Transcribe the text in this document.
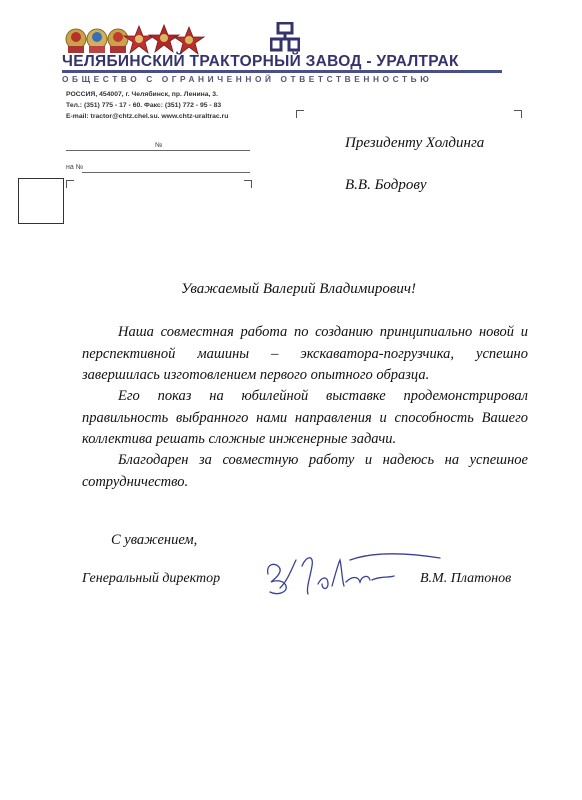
ЧЕЛЯБИНСКИЙ ТРАКТОРНЫЙ ЗАВОД - УРАЛТРАК
ОБЩЕСТВО С ОГРАНИЧЕННОЙ ОТВЕТСТВЕННОСТЬЮ
РОССИЯ, 454007, г. Челябинск, пр. Ленина, 3.
Тел.: (351) 775 - 17 - 60. Факс: (351) 772 - 95 - 83
E-mail: tractor@chtz.chel.su. www.chtz-uraltrac.ru
№
на №
Президенту Холдинга
В.В. Бодрову
Уважаемый Валерий Владимирович!
Наша совместная работа по созданию принципиально новой и перспективной машины – экскаватора-погрузчика, успешно завершилась изготовлением первого опытного образца.
Его показ на юбилейной выставке продемонстрировал правильность выбранного нами направления и способность Вашего коллектива решать сложные инженерные задачи.
Благодарен за совместную работу и надеюсь на успешное сотрудничество.
С уважением,
Генеральный директор	В.М. Платонов
